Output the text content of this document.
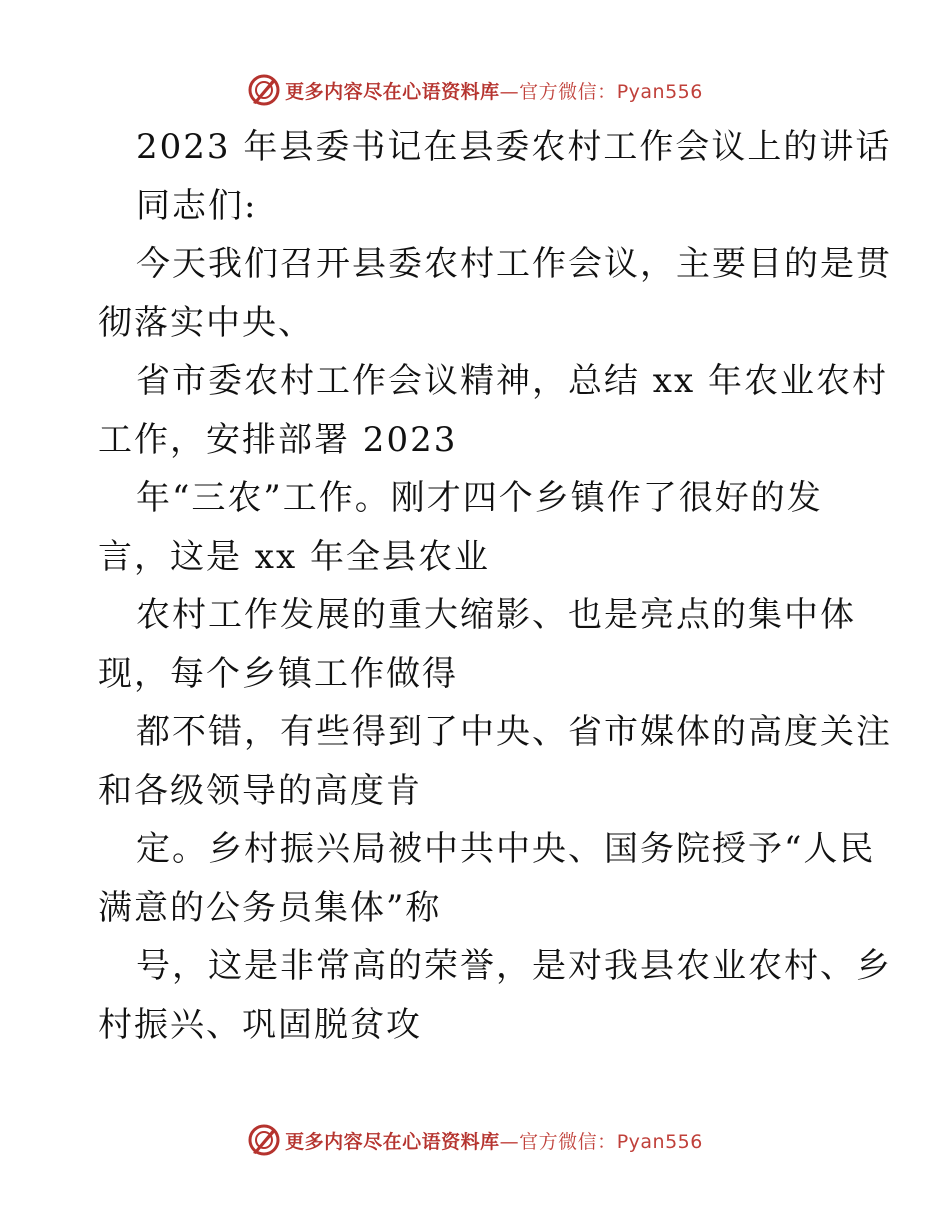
更多内容尽在心语资料库—官方微信：Pyan556
2023 年县委书记在县委农村工作会议上的讲话
同志们:
今天我们召开县委农村工作会议，主要目的是贯
彻落实中央、
省市委农村工作会议精神，总结 xx 年农业农村
工作，安排部署 2023
年“三农”工作。刚才四个乡镇作了很好的发
言，这是 xx 年全县农业
农村工作发展的重大缩影、也是亮点的集中体
现，每个乡镇工作做得
都不错，有些得到了中央、省市媒体的高度关注
和各级领导的高度肯
定。乡村振兴局被中共中央、国务院授予“人民
满意的公务员集体”称
号，这是非常高的荣誉，是对我县农业农村、乡
村振兴、巩固脱贫攻
更多内容尽在心语资料库—官方微信：Pyan556
